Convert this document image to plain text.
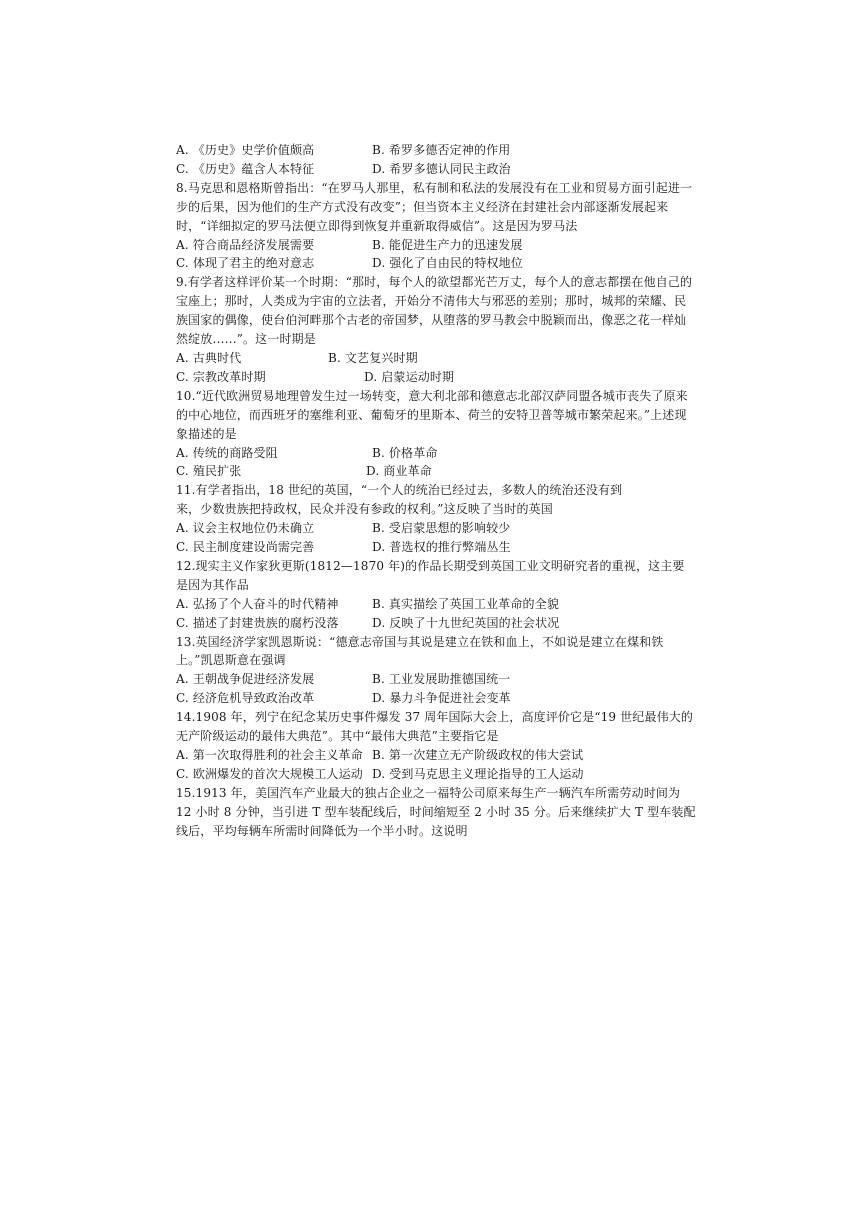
A. 《历史》史学价值颇高	B. 希罗多德否定神的作用
C. 《历史》蕴含人本特征	D. 希罗多德认同民主政治

8.马克思和恩格斯曾指出：“在罗马人那里，私有制和私法的发展没有在工业和贸易方面引起进一步的后果，因为他们的生产方式没有改变”；但当资本主义经济在封建社会内部逐渐发展起来时，“详细拟定的罗马法便立即得到恢复并重新取得威信”。这是因为罗马法

A. 符合商品经济发展需要	B. 能促进生产力的迅速发展
C. 体现了君主的绝对意志	D. 强化了自由民的特权地位

9.有学者这样评价某一个时期：“那时，每个人的欲望都光芒万丈，每个人的意志都摆在他自己的宝座上；那时，人类成为宇宙的立法者，开始分不清伟大与邪恶的差别；那时，城邦的荣耀、民族国家的偶像，使台伯河畔那个古老的帝国梦，从堕落的罗马教会中脱颖而出，像恶之花一样灿然绽放……”。这一时期是

A. 古典时代	B. 文艺复兴时期
C. 宗教改革时期	D. 启蒙运动时期

10.“近代欧洲贸易地理曾发生过一场转变，意大利北部和德意志北部汉萨同盟各城市丧失了原来的中心地位，而西班牙的塞维利亚、葡萄牙的里斯本、荷兰的安特卫普等城市繁荣起来。”上述现象描述的是

A. 传统的商路受阻	B. 价格革命
C. 殖民扩张	D. 商业革命

11.有学者指出，18 世纪的英国，“一个人的统治已经过去，多数人的统治还没有到

来，少数贵族把持政权，民众并没有参政的权利。”这反映了当时的英国

A. 议会主权地位仍未确立	B. 受启蒙思想的影响较少
C. 民主制度建设尚需完善	D. 普选权的推行弊端丛生

12.现实主义作家狄更斯(1812—1870 年)的作品长期受到英国工业文明研究者的重视，这主要是因为其作品

A. 弘扬了个人奋斗的时代精神	B. 真实描绘了英国工业革命的全貌
C. 描述了封建贵族的腐朽没落	D. 反映了十九世纪英国的社会状况

13.英国经济学家凯恩斯说：“德意志帝国与其说是建立在铁和血上，不如说是建立在煤和铁上。”凯恩斯意在强调

A. 王朝战争促进经济发展	B. 工业发展助推德国统一
C. 经济危机导致政治改革	D. 暴力斗争促进社会变革

14.1908 年，列宁在纪念某历史事件爆发 37 周年国际大会上，高度评价它是“19 世纪最伟大的无产阶级运动的最伟大典范”。其中“最伟大典范”主要指它是

A. 第一次取得胜利的社会主义革命 B. 第一次建立无产阶级政权的伟大尝试
C. 欧洲爆发的首次大规模工人运动 D. 受到马克思主义理论指导的工人运动

15.1913 年，美国汽车产业最大的独占企业之一福特公司原来每生产一辆汽车所需劳动时间为 12 小时 8 分钟，当引进 T 型车装配线后，时间缩短至 2 小时 35 分。后来继续扩大 T 型车装配线后，平均每辆车所需时间降低为一个半小时。这说明
